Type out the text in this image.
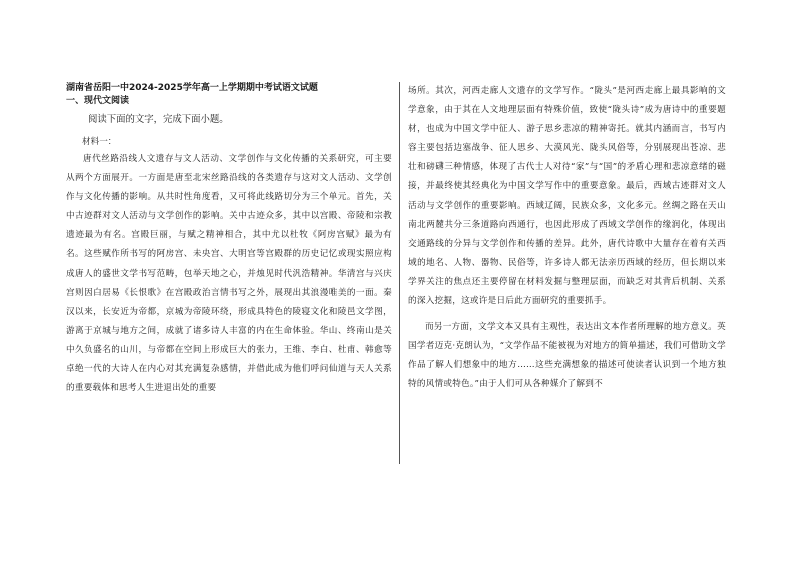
湖南省岳阳一中2024-2025学年高一上学期期中考试语文试题
一、现代文阅读
阅读下面的文字，完成下面小题。
材料一：

唐代丝路沿线人文遗存与文人活动、文学创作与文化传播的关系研究，可主要从两个方面展开。一方面是唐至北宋丝路沿线的各类遗存与这对文人活动、文学创作与文化传播的影响。从共时性角度看，又可将此线路切分为三个单元。首先，关中古迹群对文人活动与文学创作的影响。关中古迹众多，其中以宫殿、帝陵和宗教遗迹最为有名。宫殿巨丽，与赋之精神相合，其中尤以杜牧《阿房宫赋》最为有名。这些赋作所书写的阿房宫、未央宫、大明宫等宫殿群的历史记忆或现实照应构成唐人的盛世文学书写范畴，包举天地之心，并烛见时代汎浩精神。华清宫与兴庆宫则因白居易《长恨歌》在宫殿政治言情书写之外，展现出其浪漫唯美的一面。秦汉以来，长安近为帝都，京城为帝陵环绕，形成具特色的陵寝文化和陵邑文学图，游离于京城与地方之间，成就了诸多诗人丰富的内在生命体验。华山、终南山是关中久负盛名的山川，与帝都在空间上形成巨大的张力，王维、李白、杜甫、韩愈等卓绝一代的大诗人在内心对其充满复杂感情，并借此成为他们呼问仙道与天人关系的重要载体和思考人生进退出处的重要

场所。其次，河西走廊人文遗存的文学写作。“陇头”是河西走廊上最具影响的文学意象，由于其在人文地理层面有特殊价值，致使“陇头诗”成为唐诗中的重要题材，也成为中国文学中征人、游子思乡悲凉的精神寄托。就其内涵而言，书写内容主要包括边塞战争、征人思乡、大漠风光、陇头风俗等，分别展现出苍凉、悲壮和磅礴三种情感，体现了古代士人对待“家”与“国”的矛盾心理和悲凉意绪的磁接，并最终使其经典化为中国文学写作中的重要意象。最后，西域古迹群对文人活动与文学创作的重要影响。西域辽阔，民族众多，文化多元。丝绸之路在天山南北两麓共分三条道路向西通行，也因此形成了西域文学创作的缘润化，体现出交通路线的分异与文学创作和传播的差异。此外，唐代诗歌中大量存在着有关西域的地名、人物、器物、民俗等，许多诗人都无法亲历西域的经历，但长期以来学界关注的焦点还主要停留在材料发掘与整理层面，而缺乏对其背后机制、关系的深入挖掘，这或许是日后此方面研究的重要抓手。

而另一方面，文学文本又具有主观性，表达出文本作者所理解的地方意义。英国学者迈克·克朗认为，“文学作品不能被视为对地方的简单描述，我们可借助文学作品了解人们想象中的地方……这些充满想象的描述可使读者认识到一个地方独特的风情或特色。”由于人们可从各种媒介了解到不
